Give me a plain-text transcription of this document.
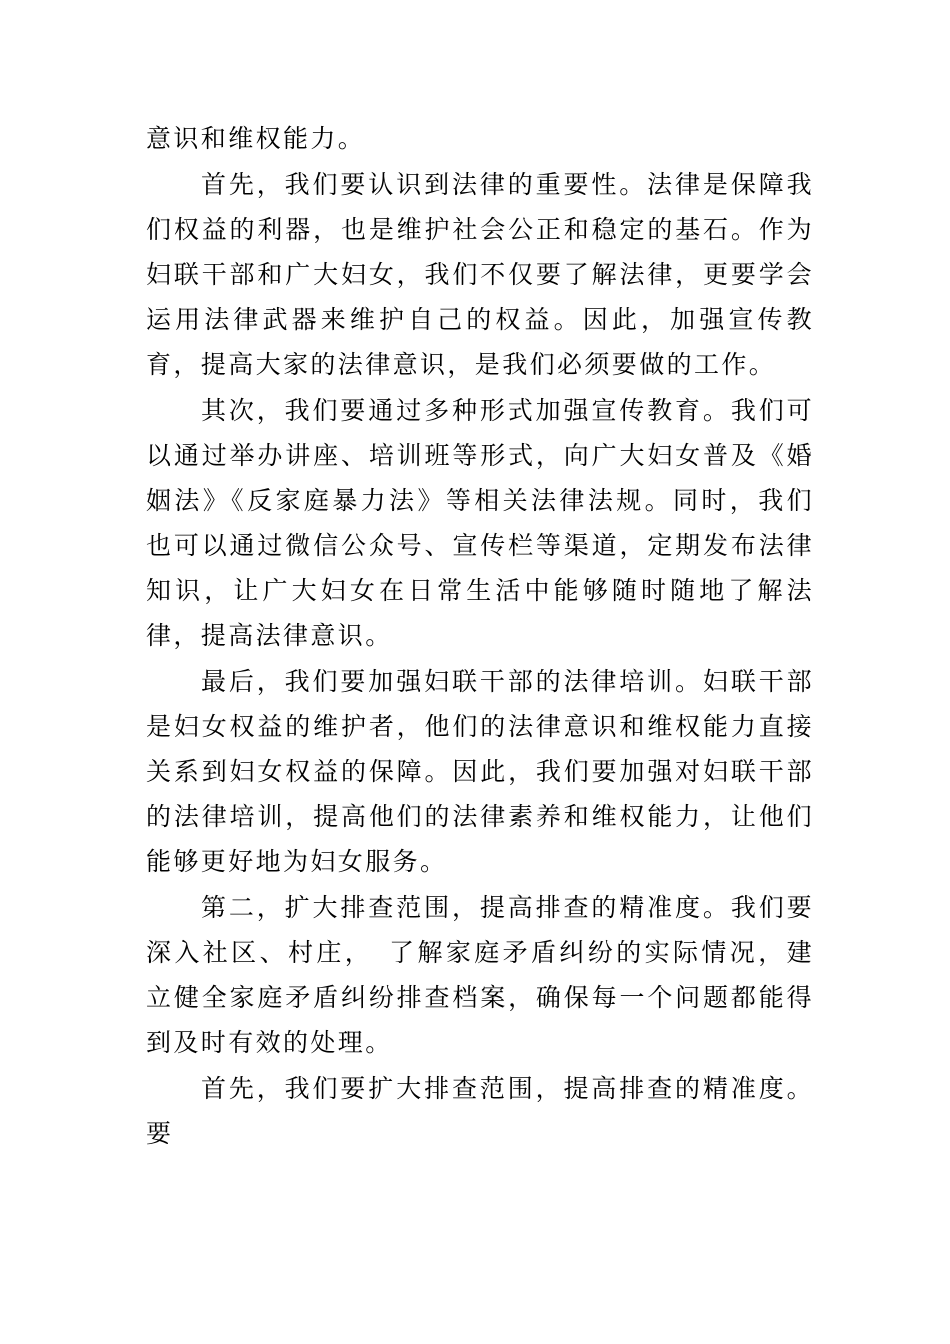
意识和维权能力。

首先，我们要认识到法律的重要性。法律是保障我们权益的利器，也是维护社会公正和稳定的基石。作为妇联干部和广大妇女，我们不仅要了解法律，更要学会运用法律武器来维护自己的权益。因此，加强宣传教育，提高大家的法律意识，是我们必须要做的工作。

其次，我们要通过多种形式加强宣传教育。我们可以通过举办讲座、培训班等形式，向广大妇女普及《婚姻法》《反家庭暴力法》等相关法律法规。同时，我们也可以通过微信公众号、宣传栏等渠道，定期发布法律知识，让广大妇女在日常生活中能够随时随地了解法律，提高法律意识。

最后，我们要加强妇联干部的法律培训。妇联干部是妇女权益的维护者，他们的法律意识和维权能力直接关系到妇女权益的保障。因此，我们要加强对妇联干部的法律培训，提高他们的法律素养和维权能力，让他们能够更好地为妇女服务。

第二，扩大排查范围，提高排查的精准度。我们要深入社区、村庄，　了解家庭矛盾纠纷的实际情况，建立健全家庭矛盾纠纷排查档案，确保每一个问题都能得到及时有效的处理。

首先，我们要扩大排查范围，提高排查的精准度。要
